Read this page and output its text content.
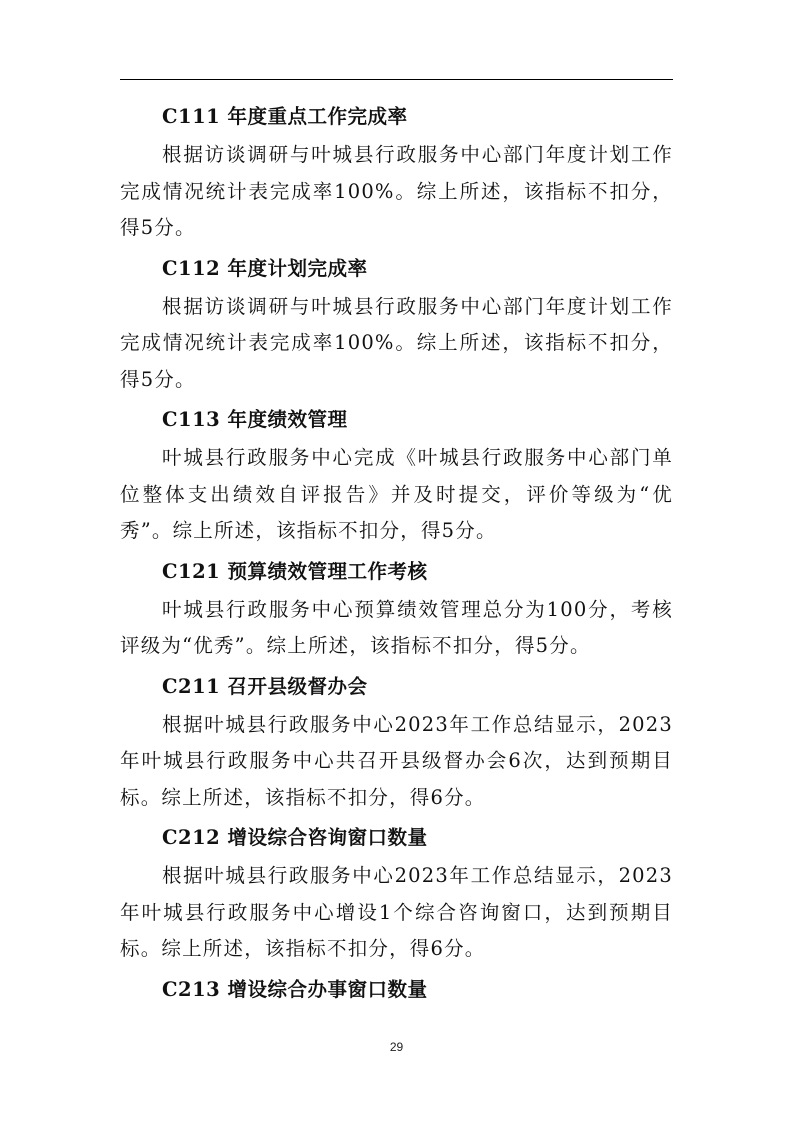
C111 年度重点工作完成率

根据访谈调研与叶城县行政服务中心部门年度计划工作完成情况统计表完成率100%。综上所述，该指标不扣分，得5分。

C112 年度计划完成率

根据访谈调研与叶城县行政服务中心部门年度计划工作完成情况统计表完成率100%。综上所述，该指标不扣分，得5分。

C113 年度绩效管理

叶城县行政服务中心完成《叶城县行政服务中心部门单位整体支出绩效自评报告》并及时提交，评价等级为“优秀”。综上所述，该指标不扣分，得5分。

C121 预算绩效管理工作考核

叶城县行政服务中心预算绩效管理总分为100分，考核评级为“优秀”。综上所述，该指标不扣分，得5分。

C211 召开县级督办会

根据叶城县行政服务中心2023年工作总结显示，2023年叶城县行政服务中心共召开县级督办会6次，达到预期目标。综上所述，该指标不扣分，得6分。

C212 增设综合咨询窗口数量

根据叶城县行政服务中心2023年工作总结显示，2023年叶城县行政服务中心增设1个综合咨询窗口，达到预期目标。综上所述，该指标不扣分，得6分。

C213 增设综合办事窗口数量

29
